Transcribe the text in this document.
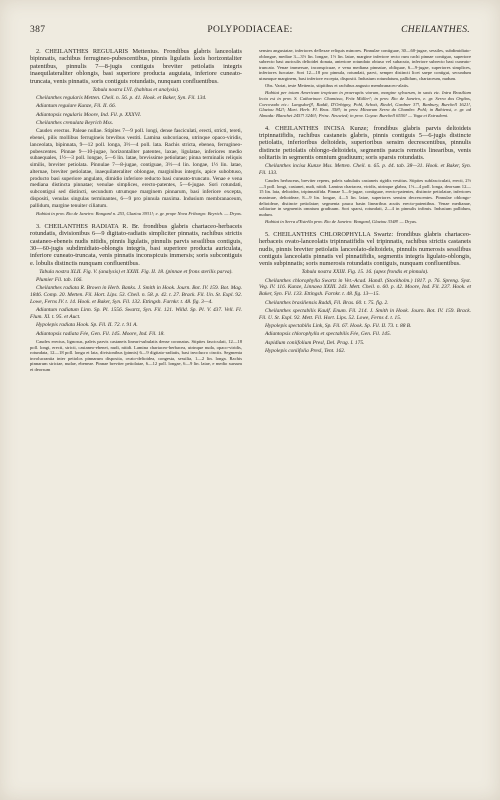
387	POLYPODIACEAE:	CHEILANTHES.

2. CHEILANTHES REGULARIS Mettenius. Frondibus glabris lanceolatis bipinnatis, rachibus ferrugineo-pubescentibus, pinnis ligulatis laxis horizontaliter patentibus, pinnulis 7—8-jugis contiguis breviter petiolatis integris inaequilateraliter oblongis, basi superiore producta auguiata, inferiore cuneato-truncata, venis pinnatis, soris contiguis rotundatis, nunquam confluentibus.

Tabula nostra LVI. (habitus et analysis).

Cheilanthes regularis Metten. Cheil. n. 56. p. 41. Hook. et Baker, Syn. Fil. 134.

Adiantum regulare Kunze, Fil. II. 66.

Adiantopsis regularis Moore, Ind. Fil. p. XXXVI.

Cheilanthes crenulata Beyrich Mss.

Caudex erectus. Paleae nullae. Stipites 7—9 poll. longi, dense fasciculati, erecti, stricti, tereti, ebenei, pilis mollibus ferrugineis brevibus vestiti. Lamina subcoriacea, utrinque opaco-viridis, lanceolata, bipinnata, 9—12 poll. longa, 3½—4 poll. lata. Rachis stricta, ebenea, ferrugineo-pubescentes. Pinnae 9—10-jugae, horizontaliter patentes, laxae, ligulatae, inferiores medio subaequales, 1½—3 poll. longae, 5—6 lin. latae, brevissime petiolatae; pinna terminalis reliquis similis, breviter petiolata. Pinnulae 7—8-jugae, contiguae, 3½—4 lin. longae, 1½ lin. latae, alternae, breviter petiolatae, inaequilateraliter oblongae, marginibus integris, apice subobtuso, producto basi superiore angulato, dimidio inferiore reducto basi cuneato-truncato. Venae e vena mediana distincta pinnatae; venulae simplices, erecto-patentes, 5—6-jugae. Sori rotundati, subcontigui sed distincti, secundum utrumque marginem pinnarum, basi inferiore excepta, dispositi, venulas singulas terminantes, 6—9 pro pinnula maxima. Indusium membranaceum, pallidum, margine tenuiter ciliatum.

Habitat in prov. Rio de Janeiro: Bongard n. 253, Glaziou 3931!; e. gr. prope Nova Friburgo: Beyrich. — Dryas.

3. CHEILANTHES RADIATA R. Br. frondibus glabris chartaceo-herbaceis rotundatis, divisionibus 6—9 digitato-radiatis simpliciter pinnatis, rachibus strictis castaneo-ebeneis nudis nitidis, pinnis ligulatis, pinnulis parvis sessilibus contiguis, 30—60-jugis subdimidiato-oblongis integris, basi superiore producta auriculata, inferiore cuneato-truncata, venis pinnatis inconspicuis immersis; soris subcontiguis e. lobulis distinctis nunquam confluentibus.

Tabula nostra XLII. Fig. V. (analysis) et XXIII. Fig. II. 18. (pinnae et frons sterilis parva).

Plumier Fil. tab. 166.

Cheilanthes radiata R. Brown in Herb. Banks. J. Smith in Hook. Journ. Bot. IV. 159. Bot. Mag. 1846. Comp. 20. Metten. Fil. Hort. Lips. 53. Cheil. n. 58. p. 42. t. 27. Brack. Fil. Un. St. Expl. 92. Lowe, Ferns IV. t. 14. Hook. et Baker, Syn. Fil. 132. Ettingsh. Farnkr. t. 48. fig. 3—4.

Adiantum radiatum Linn. Sp. Pl. 1556. Swartz, Syn. Fil. 121. Willd. Sp. Pl. V. 437. Vell. Fl. Flum. XI. t. 95. et Auct.

Hypolepis radiata Hook. Sp. Fil. II. 72. t. 91 A.

Adiantopsis radiata Fée, Gen. Fil. 145. Moore, Ind. Fil. 18.

Caudex erectus, lignosus, paleis parvis castaneis lineari-subulatis dense coronatus. Stipites fasciculati, 12—18 poll. longi, erecti, stricti, castaneo-ebenei, nudi, nitidi. Lamina chartaceo-herbacea, utrinque nuda, opaco-viridis, rotundata, 12—18 poll. longa et lata, divisionibus (pinnis) 6—9 digitato-radiatis, basi involucro cinctis. Segmenta involucrantia inter petiolos pinnarum disposita, ovato-deltoidea, congesta, sessilia, 1—2 lin. longa. Rachis pinnarum strictae, nudae, ebeneae. Pinnae breviter petiolatae, 6—12 poll. longae, 6—9 lin. latae, e medio sursum et deorsum

sensim angustatae, inferiores deflexae reliquis minores. Pinnulae contiguae, 30—60-jugae, sessiles, subdimidiato-oblongae, mediae 3—3½ lin. longae, 1½ lin. latae, margine inferiore recto rum rachi pinnae contiguo, superiore subrecto basi auriculis deltoidei donata, anteriore rotundato obtuso vel subacuto, inferiore subrecto basi cuneato-truncato. Venae immersae, inconspicuae, e vena mediana pinnatae, obliquae, 6—9-jugae, superiores simplices, inferiores furcatae. Sori 12—18 pro pinnula, rotundati, parvi, semper distincti licet saepe contigui, secundum utrumque marginem, basi inferiore excepta, dispositi. Indusium rotundatum, pallidum, chartaceum, nudum.

Obs. Variat, teste Mettenio, stipitibus et rachibus angusto membranaceo-alatis.

Habitat per totam Americam tropicam in praeruptis viarum, margine sylvarum, in saxis etc. Intra Brasiliam lecta est in prov. S. Catharinae: Chamisso, Fritz Müller!; in prov. Rio de Janeiro, e. gr. Serra dos Orgãos, Corcovado etc.: Langsdorff!, Raddi, D'Orbigny, Pohl, Schott, Riedel, Gardner 37!, Banbury, Burchell 1621!, Glaziou 942!; Mart. Herb. Fl. Bras. 358!; in prov. Minarum Serra do Chambo: Pohl; in Bahiensi, e. gr. ad Almada: Blanchet 2457! 3246!; Princ. Neuwied; in prov. Goyaz: Burchell 6550! — Vaga et Extrademi.

4. CHEILANTHES INCISA Kunze; frondibus glabris parvis deltoideis tripinnatifidis, rachibus castaneis glabris, pinnis contiguis 5—6-jugis distincte petiolatis, inferioribus deltoideis, superioribus sensim decrescentibus, pinnulis distincte petiolatis oblongo-deltoideis, segmentis paucis remotis linearibus, venis solitariis in segmentis omnium gradiuum; soris sparsis rotundatis.

Cheilanthes incisa Kunze Mss. Metten. Cheil. n. 65. p. 44. tab. 38—31. Hook. et Baker, Syn. Fil. 133.

Caudex herbaceus, breviter repens, paleis subulatis castaneis rigidis vestitus. Stipites subfasciculati, erecti, 2½—3 poll. longi, castanei, nudi, nitidi. Lamina chartacea, viridis, utrinque glabra, 1½—4 poll. longa, deorsum 12—15 lin. lata, deltoidea, tripinnatifida. Pinnae 5—6-jugae, contiguae, erecto-patentes, distincte petiolatae, inferiores maximae, deltoideae, 8—9 lin. longae, 4—5 lin. latae, superiores sensim decrescentes. Pinnulae oblongo-deltoideae, distincte petiolatae; segmenta pauca basin linearibus acutis erecto-patentibus. Venae medianae, solitariae in segmentis omnium gradiuum. Sori sparsi, rotundati, 2—4 in pinnulis infimis. Indusium pallidum, nudum.

Habitat in Serra d'Estrêla prov. Rio de Janeiro: Bongard, Glaziou 3348! — Dryas.

5. CHEILANTHES CHLOROPHYLLA Swartz: frondibus glabris chartaceo-herbaceis ovato-lanceolatis tripinnatifidis vel tripinnatis, rachibus strictis castaneis nudis, pinnis breviter petiolatis lanceolato-deltoideis, pinnulis numerosis sessilibus contiguis lanceolatis pinnatis vel pinnatifidis, segmentis integris ligulato-oblongis, venis subpinnatis; soris numerosis rotundatis contiguis, nunquam confluentibus.

Tabula nostra XXIII. Fig. 15. 16. (apex frondis et pinnula).

Cheilanthes chlorophylla Swartz in Vet.-Acad. Handl. (Stockholm.) 1817. p. 76. Spreng. Syst. Veg. IV. 116. Kunze, Linnaea XXIII. 243. Mett. Cheil. n. 60. p. 42. Moore, Ind. Fil. 237. Hook. et Baker, Syn. Fil. 133. Ettingsh. Farnkr. t. 48. fig. 13—15.

Cheilanthes brasiliensis Raddi, Fil. Bras. 60. t. 75. fig. 2.

Cheilanthes spectabilis Kaulf. Enum. Fil. 214. J. Smith in Hook. Journ. Bot. IV. 159. Brack. Fil. U. St. Expl. 92. Mett. Fil. Hort. Lips. 52. Lowe, Ferns 4. t. 15.

Hypolepis spectabilis Link, Sp. Fil. 67. Hook. Sp. Fil. II. 73. t. 88 B.

Adiantopsis chlorophylla et spectabilis Fée, Gen. Fil. 145.

Aspidium coniifolium Presl, Del. Prag. I. 175.

Hypolepis coniifolia Presl, Tent. 162.
